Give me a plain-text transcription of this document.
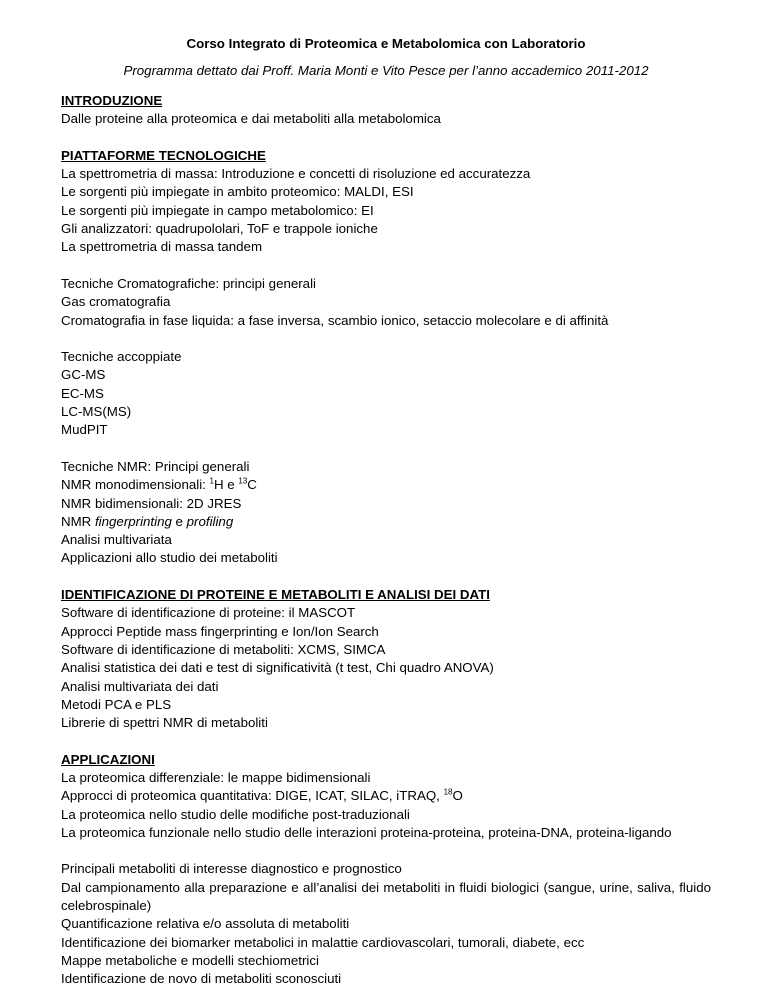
Corso Integrato di Proteomica e Metabolomica con Laboratorio
Programma dettato dai Proff. Maria Monti e Vito Pesce per l’anno accademico 2011-2012
INTRODUZIONE
Dalle proteine alla proteomica e dai metaboliti alla metabolomica
PIATTAFORME TECNOLOGICHE
La spettrometria di massa: Introduzione e concetti di risoluzione ed accuratezza
Le sorgenti più impiegate in ambito proteomico: MALDI, ESI
Le sorgenti più impiegate in campo metabolomico: EI
Gli analizzatori: quadrupololari, ToF e trappole ioniche
La spettrometria di massa tandem
Tecniche Cromatografiche: principi generali
Gas cromatografia
Cromatografia in fase liquida: a fase inversa, scambio ionico, setaccio molecolare e di affinità
Tecniche accoppiate
GC-MS
EC-MS
LC-MS(MS)
MudPIT
Tecniche NMR: Principi generali
NMR monodimensionali: $^1$H e $^{13}$C
NMR bidimensionali: 2D JRES
NMR fingerprinting e profiling
Analisi multivariata
Applicazioni allo studio dei metaboliti
IDENTIFICAZIONE DI PROTEINE E METABOLITI E ANALISI DEI DATI
Software di identificazione di proteine: il MASCOT
Approcci Peptide mass fingerprinting e Ion/Ion Search
Software di identificazione di metaboliti: XCMS, SIMCA
Analisi statistica dei dati e test di significatività (t test, Chi quadro ANOVA)
Analisi multivariata dei dati
Metodi PCA e PLS
Librerie di spettri NMR di metaboliti
APPLICAZIONI
La proteomica differenziale: le mappe bidimensionali
Approcci di proteomica quantitativa: DIGE, ICAT, SILAC, iTRAQ, $^{18}$O
La proteomica nello studio delle modifiche post-traduzionali
La proteomica funzionale nello studio delle interazioni proteina-proteina, proteina-DNA, proteina-ligando
Principali metaboliti di interesse diagnostico e prognostico
Dal campionamento alla preparazione e all’analisi dei metaboliti in fluidi biologici (sangue, urine, saliva, fluido celebrospinale)
Quantificazione relativa e/o assoluta di metaboliti
Identificazione dei biomarker metabolici in malattie cardiovascolari, tumorali, diabete, ecc
Mappe metaboliche e modelli stechiometrici
Identificazione de novo di metaboliti sconosciuti
